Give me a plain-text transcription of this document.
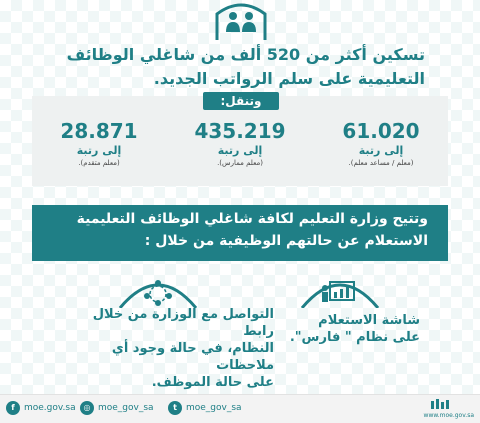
تسكين أكثر من 520 ألف من شاغلي الوظائف
التعليمية على سلم الرواتب الجديد.
وتنقل:
61.020
إلى رتبة
(معلم / مساعد معلم).
435.219
إلى رتبة
(معلم ممارس).
28.871
إلى رتبة
(معلم متقدم).
وتتيح وزارة التعليم لكافة شاغلي الوظائف التعليمية
الاستعلام عن حالتهم الوظيفية من خلال :
شاشة الاستعلام
على نظام " فارس".
التواصل مع الوزارة من خلال رابط
النظام، في حالة وجود أي ملاحظات
على حالة الموظف.
f	moe.gov.sa ◎ moe_gov_sa	t	moe_gov_sa
www.moe.gov.sa
